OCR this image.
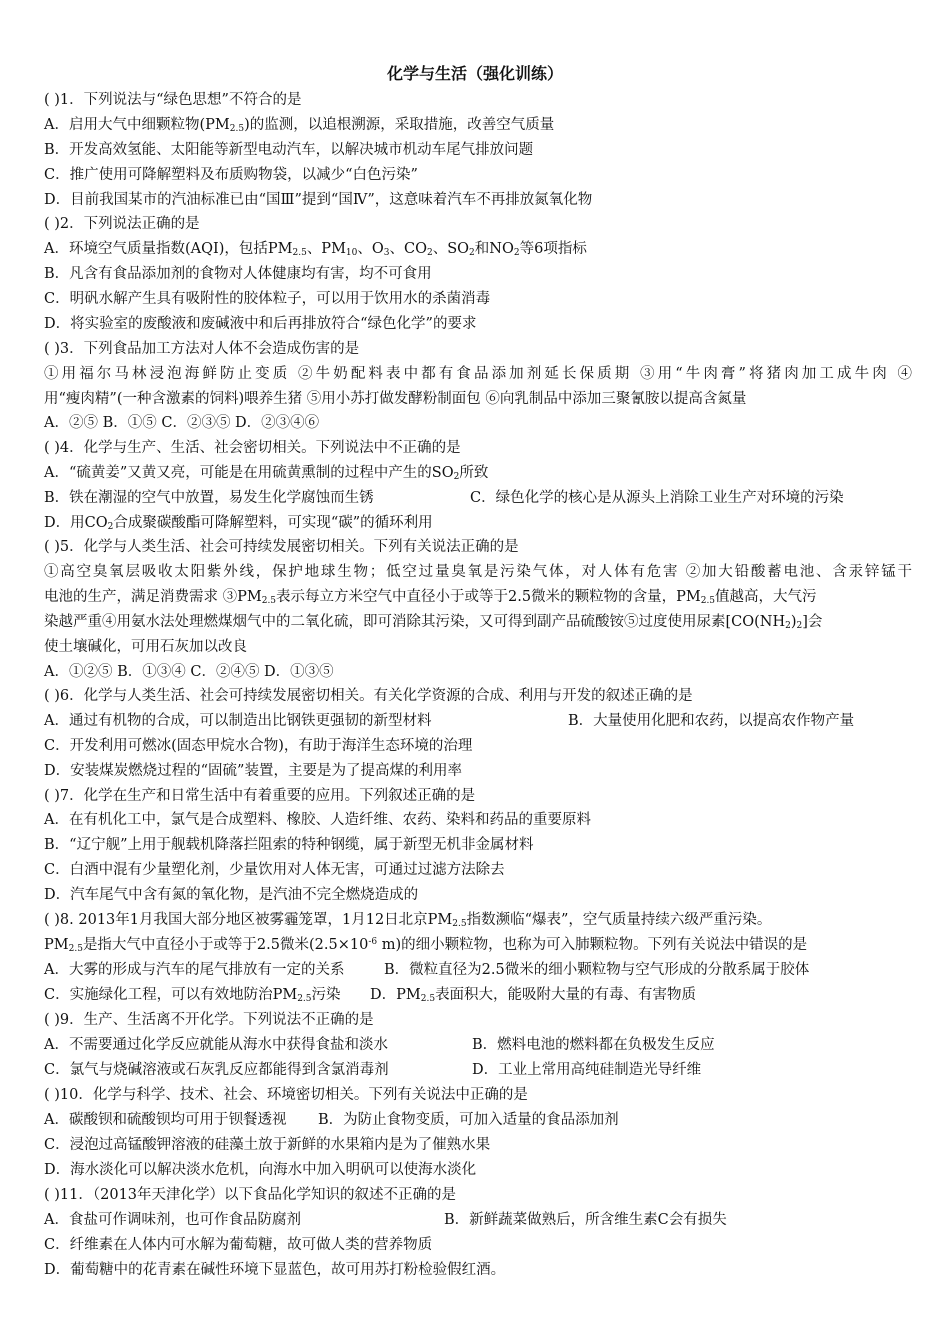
化学与生活（强化训练）
( )1．下列说法与“绿色思想”不符合的是
A．启用大气中细颗粒物$(PM_{2.5})$的监测，以追根溯源，采取措施，改善空气质量
B．开发高效氢能、太阳能等新型电动汽车，以解决城市机动车尾气排放问题
C．推广使用可降解塑料及布质购物袋，以减少“白色污染”
D．目前我国某市的汽油标准已由“国Ⅲ”提到“国Ⅳ”，这意味着汽车不再排放氮氧化物
( )2．下列说法正确的是
A．环境空气质量指数(AQI)，包括$PM_{2.5}$、$PM_{10}$、$O_3$、$CO_2$、$SO_2$和$NO_2$等6项指标
B．凡含有食品添加剂的食物对人体健康均有害，均不可食用
C．明矾水解产生具有吸附性的胶体粒子，可以用于饮用水的杀菌消毒
D．将实验室的废酸液和废碱液中和后再排放符合“绿色化学”的要求
( )3．下列食品加工方法对人体不会造成伤害的是
①用福尔马林浸泡海鲜防止变质 ②牛奶配料表中都有食品添加剂延长保质期 ③用“牛肉膏”将猪肉加工成牛肉 ④
用“瘦肉精”(一种含激素的饲料)喂养生猪 ⑤用小苏打做发酵粉制面包 ⑥向乳制品中添加三聚氰胺以提高含氮量
A．②⑤ B．①⑤ C．②③⑤ D．②③④⑥
( )4．化学与生产、生活、社会密切相关。下列说法中不正确的是
A．“硫黄姜”又黄又亮，可能是在用硫黄熏制的过程中产生的$SO_2$所致
B．铁在潮湿的空气中放置，易发生化学腐蚀而生锈	C．绿色化学的核心是从源头上消除工业生产对环境的污染
D．用$CO_2$合成聚碳酸酯可降解塑料，可实现“碳”的循环利用
( )5．化学与人类生活、社会可持续发展密切相关。下列有关说法正确的是
①高空臭氧层吸收太阳紫外线，保护地球生物；低空过量臭氧是污染气体，对人体有危害 ②加大铅酸蓄电池、含汞锌锰干
电池的生产，满足消费需求 $③PM_{2.5}$表示每立方米空气中直径小于或等于2.5微米的颗粒物的含量，$PM_{2.5}$值越高，大气污
染越严重④用氨水法处理燃煤烟气中的二氧化硫，即可消除其污染，又可得到副产品硫酸铵⑤过度使用尿素$[CO(NH_2)_2]$会
使土壤碱化，可用石灰加以改良
A．①②⑤ B．①③④ C．②④⑤ D．①③⑤
( )6．化学与人类生活、社会可持续发展密切相关。有关化学资源的合成、利用与开发的叙述正确的是
A．通过有机物的合成，可以制造出比钢铁更强韧的新型材料	B．大量使用化肥和农药，以提高农作物产量
C．开发利用可燃冰(固态甲烷水合物)，有助于海洋生态环境的治理
D．安装煤炭燃烧过程的“固硫”装置，主要是为了提高煤的利用率
( )7．化学在生产和日常生活中有着重要的应用。下列叙述正确的是
A．在有机化工中，氯气是合成塑料、橡胶、人造纤维、农药、染料和药品的重要原料
B．“辽宁舰”上用于舰载机降落拦阻索的特种钢缆，属于新型无机非金属材料
C．白酒中混有少量塑化剂，少量饮用对人体无害，可通过过滤方法除去
D．汽车尾气中含有氮的氧化物，是汽油不完全燃烧造成的
( )8. 2013年1月我国大部分地区被雾霾笼罩，1月12日北京$PM_{2.5}$指数濒临“爆表”，空气质量持续六级严重污染。
$PM_{2.5}$是指大气中直径小于或等于2.5微米($2.5\times 10^{-6}$ m)的细小颗粒物，也称为可入肺颗粒物。下列有关说法中错误的是
A．大雾的形成与汽车的尾气排放有一定的关系	B．微粒直径为2.5微米的细小颗粒物与空气形成的分散系属于胶体
C．实施绿化工程，可以有效地防治$PM_{2.5}$污染 D．$PM_{2.5}$表面积大，能吸附大量的有毒、有害物质
( )9．生产、生活离不开化学。下列说法不正确的是
A．不需要通过化学反应就能从海水中获得食盐和淡水	B．燃料电池的燃料都在负极发生反应
C．氯气与烧碱溶液或石灰乳反应都能得到含氯消毒剂	D．工业上常用高纯硅制造光导纤维
( )10．化学与科学、技术、社会、环境密切相关。下列有关说法中正确的是
A．碳酸钡和硫酸钡均可用于钡餐透视 B．为防止食物变质，可加入适量的食品添加剂
C．浸泡过高锰酸钾溶液的硅藻土放于新鲜的水果箱内是为了催熟水果
D．海水淡化可以解决淡水危机，向海水中加入明矾可以使海水淡化
( )11．（2013年天津化学）以下食品化学知识的叙述不正确的是
A．食盐可作调味剂，也可作食品防腐剂	B．新鲜蔬菜做熟后，所含维生素C会有损失
C．纤维素在人体内可水解为葡萄糖，故可做人类的营养物质
D．葡萄糖中的花青素在碱性环境下显蓝色，故可用苏打粉检验假红酒。
